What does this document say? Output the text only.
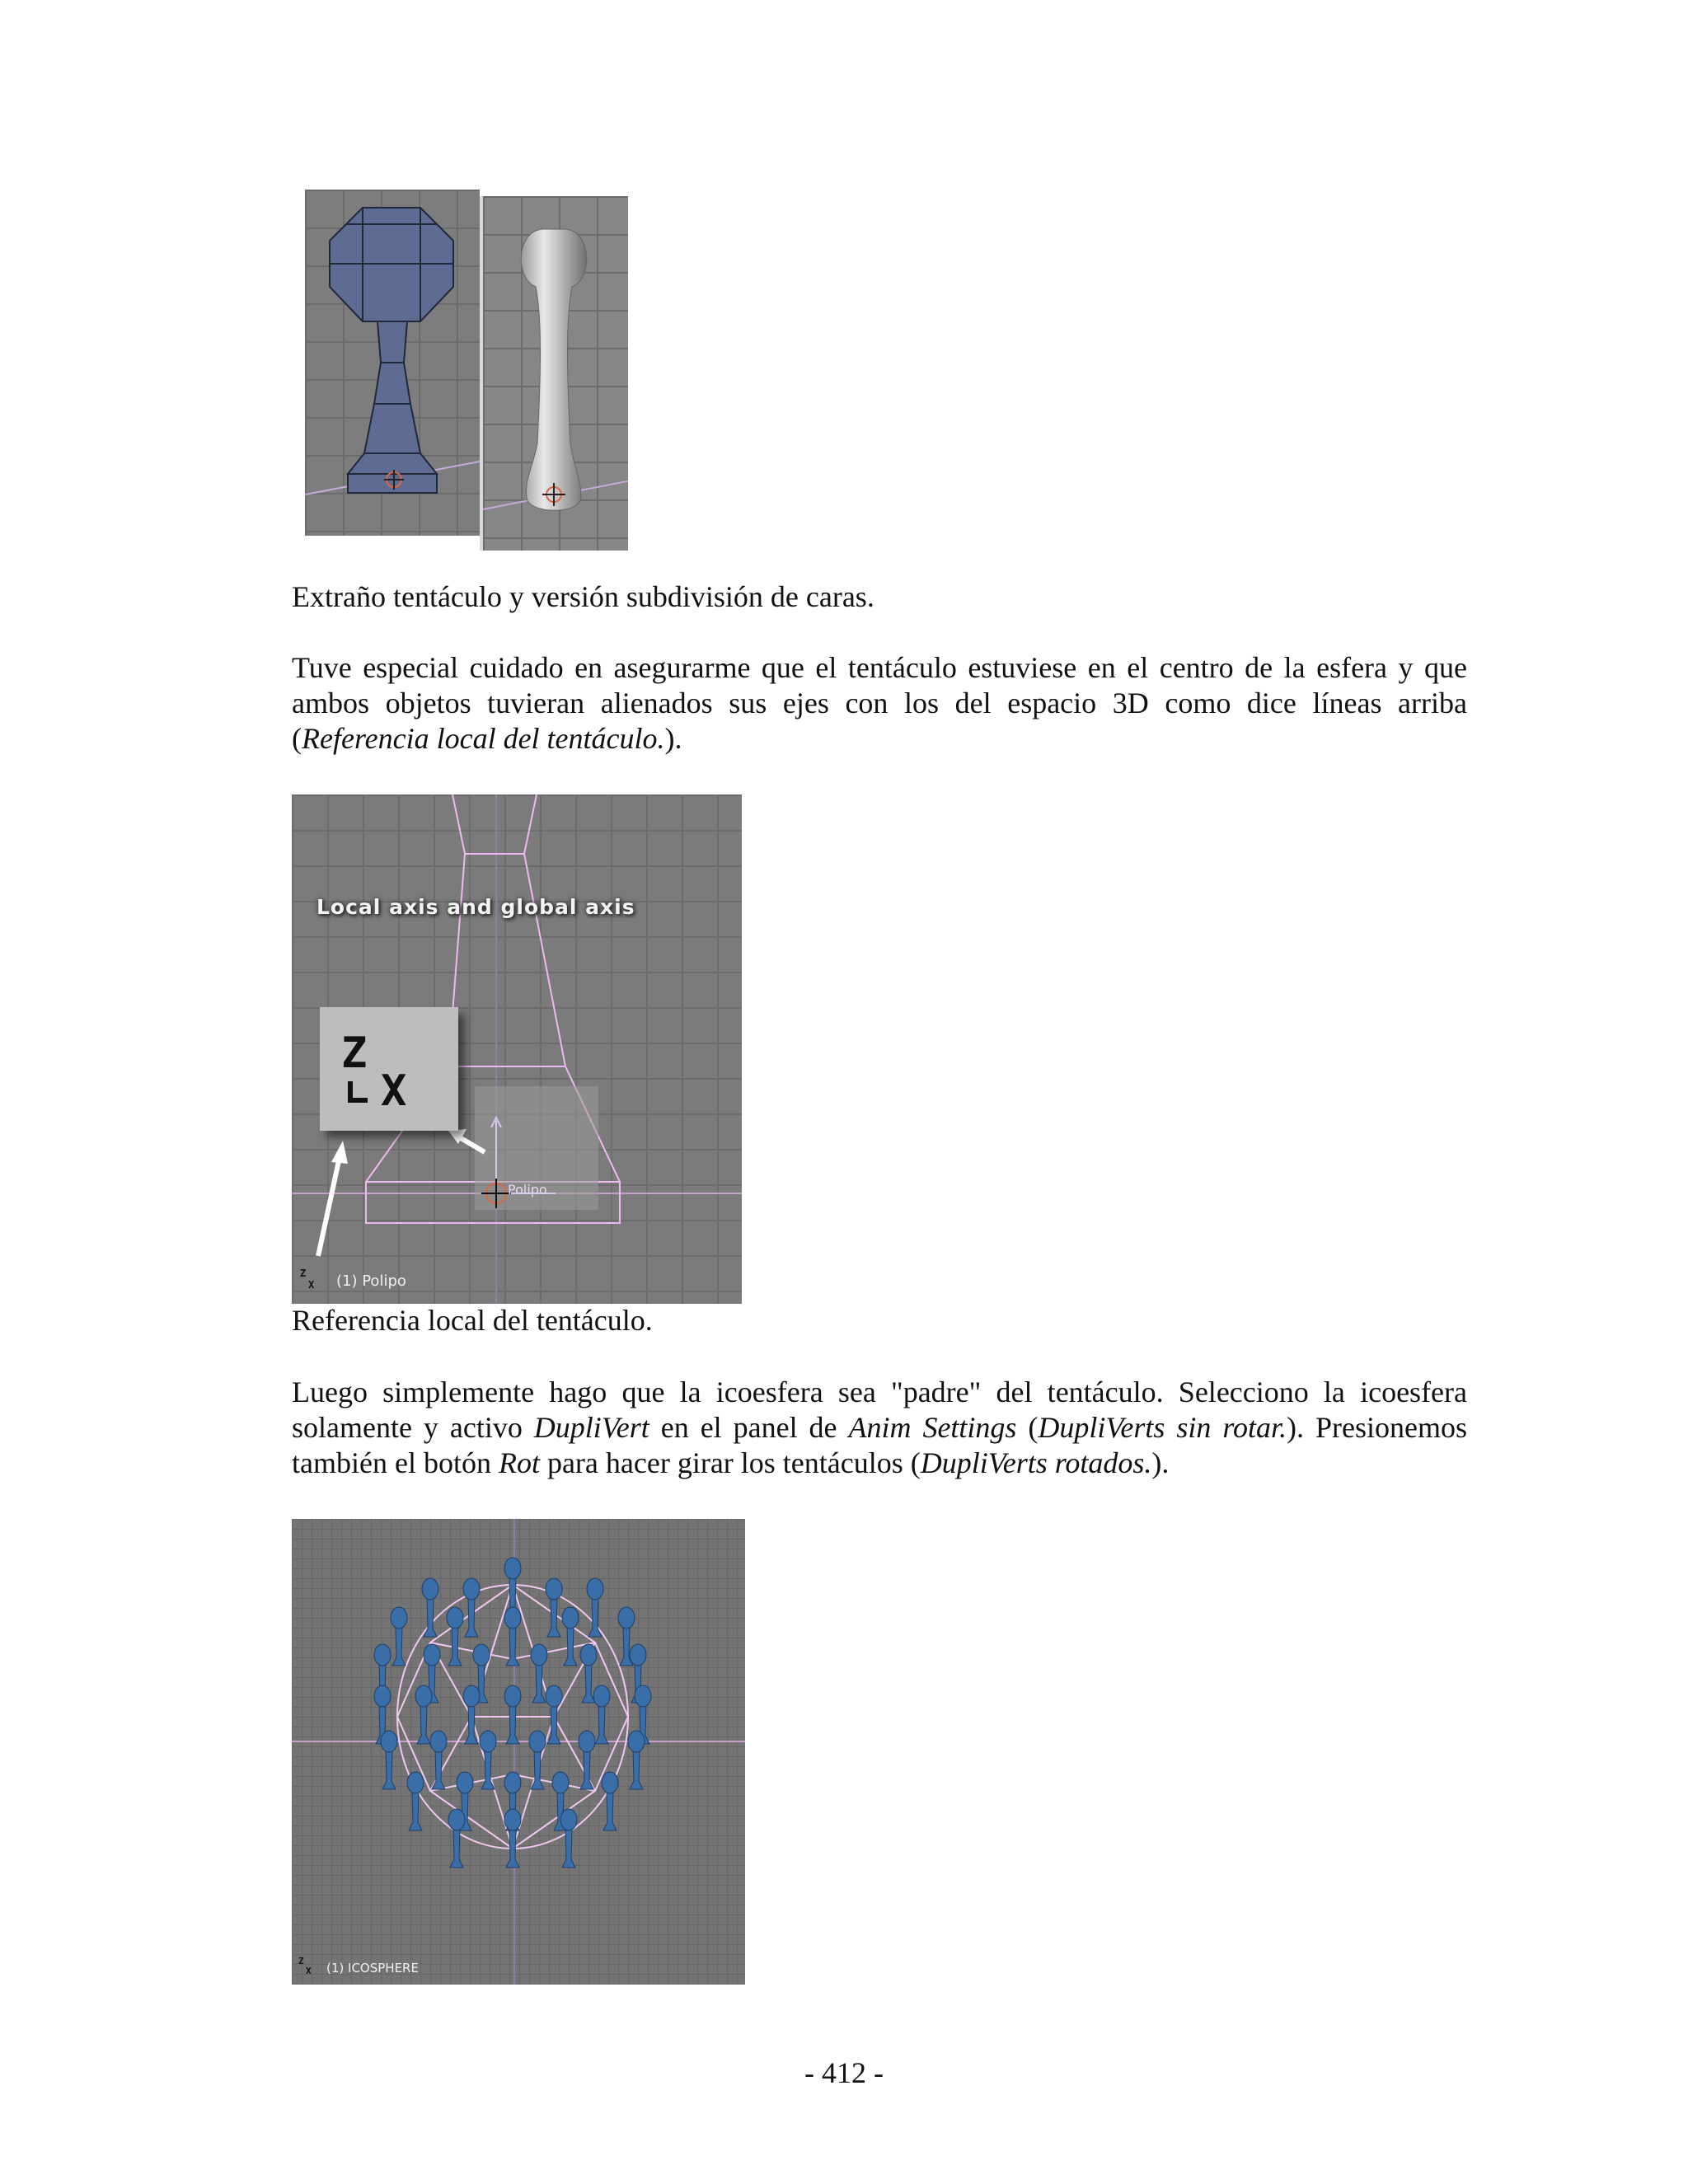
Extraño tentáculo y versión subdivisión de caras.

Tuve especial cuidado en asegurarme que el tentáculo estuviese en el centro de la esfera y que ambos objetos tuvieran alienados sus ejes con los del espacio 3D como dice líneas arriba (Referencia local del tentáculo.).

Local axis and global axis
Z
X
Polipo
Z
X (1) Polipo

Referencia local del tentáculo.

Luego simplemente hago que la icoesfera sea "padre" del tentáculo. Selecciono la icoesfera solamente y activo DupliVert en el panel de Anim Settings (DupliVerts sin rotar.). Presionemos también el botón Rot para hacer girar los tentáculos (DupliVerts rotados.).

Z
X (1) ICOSPHERE
- 412 -
